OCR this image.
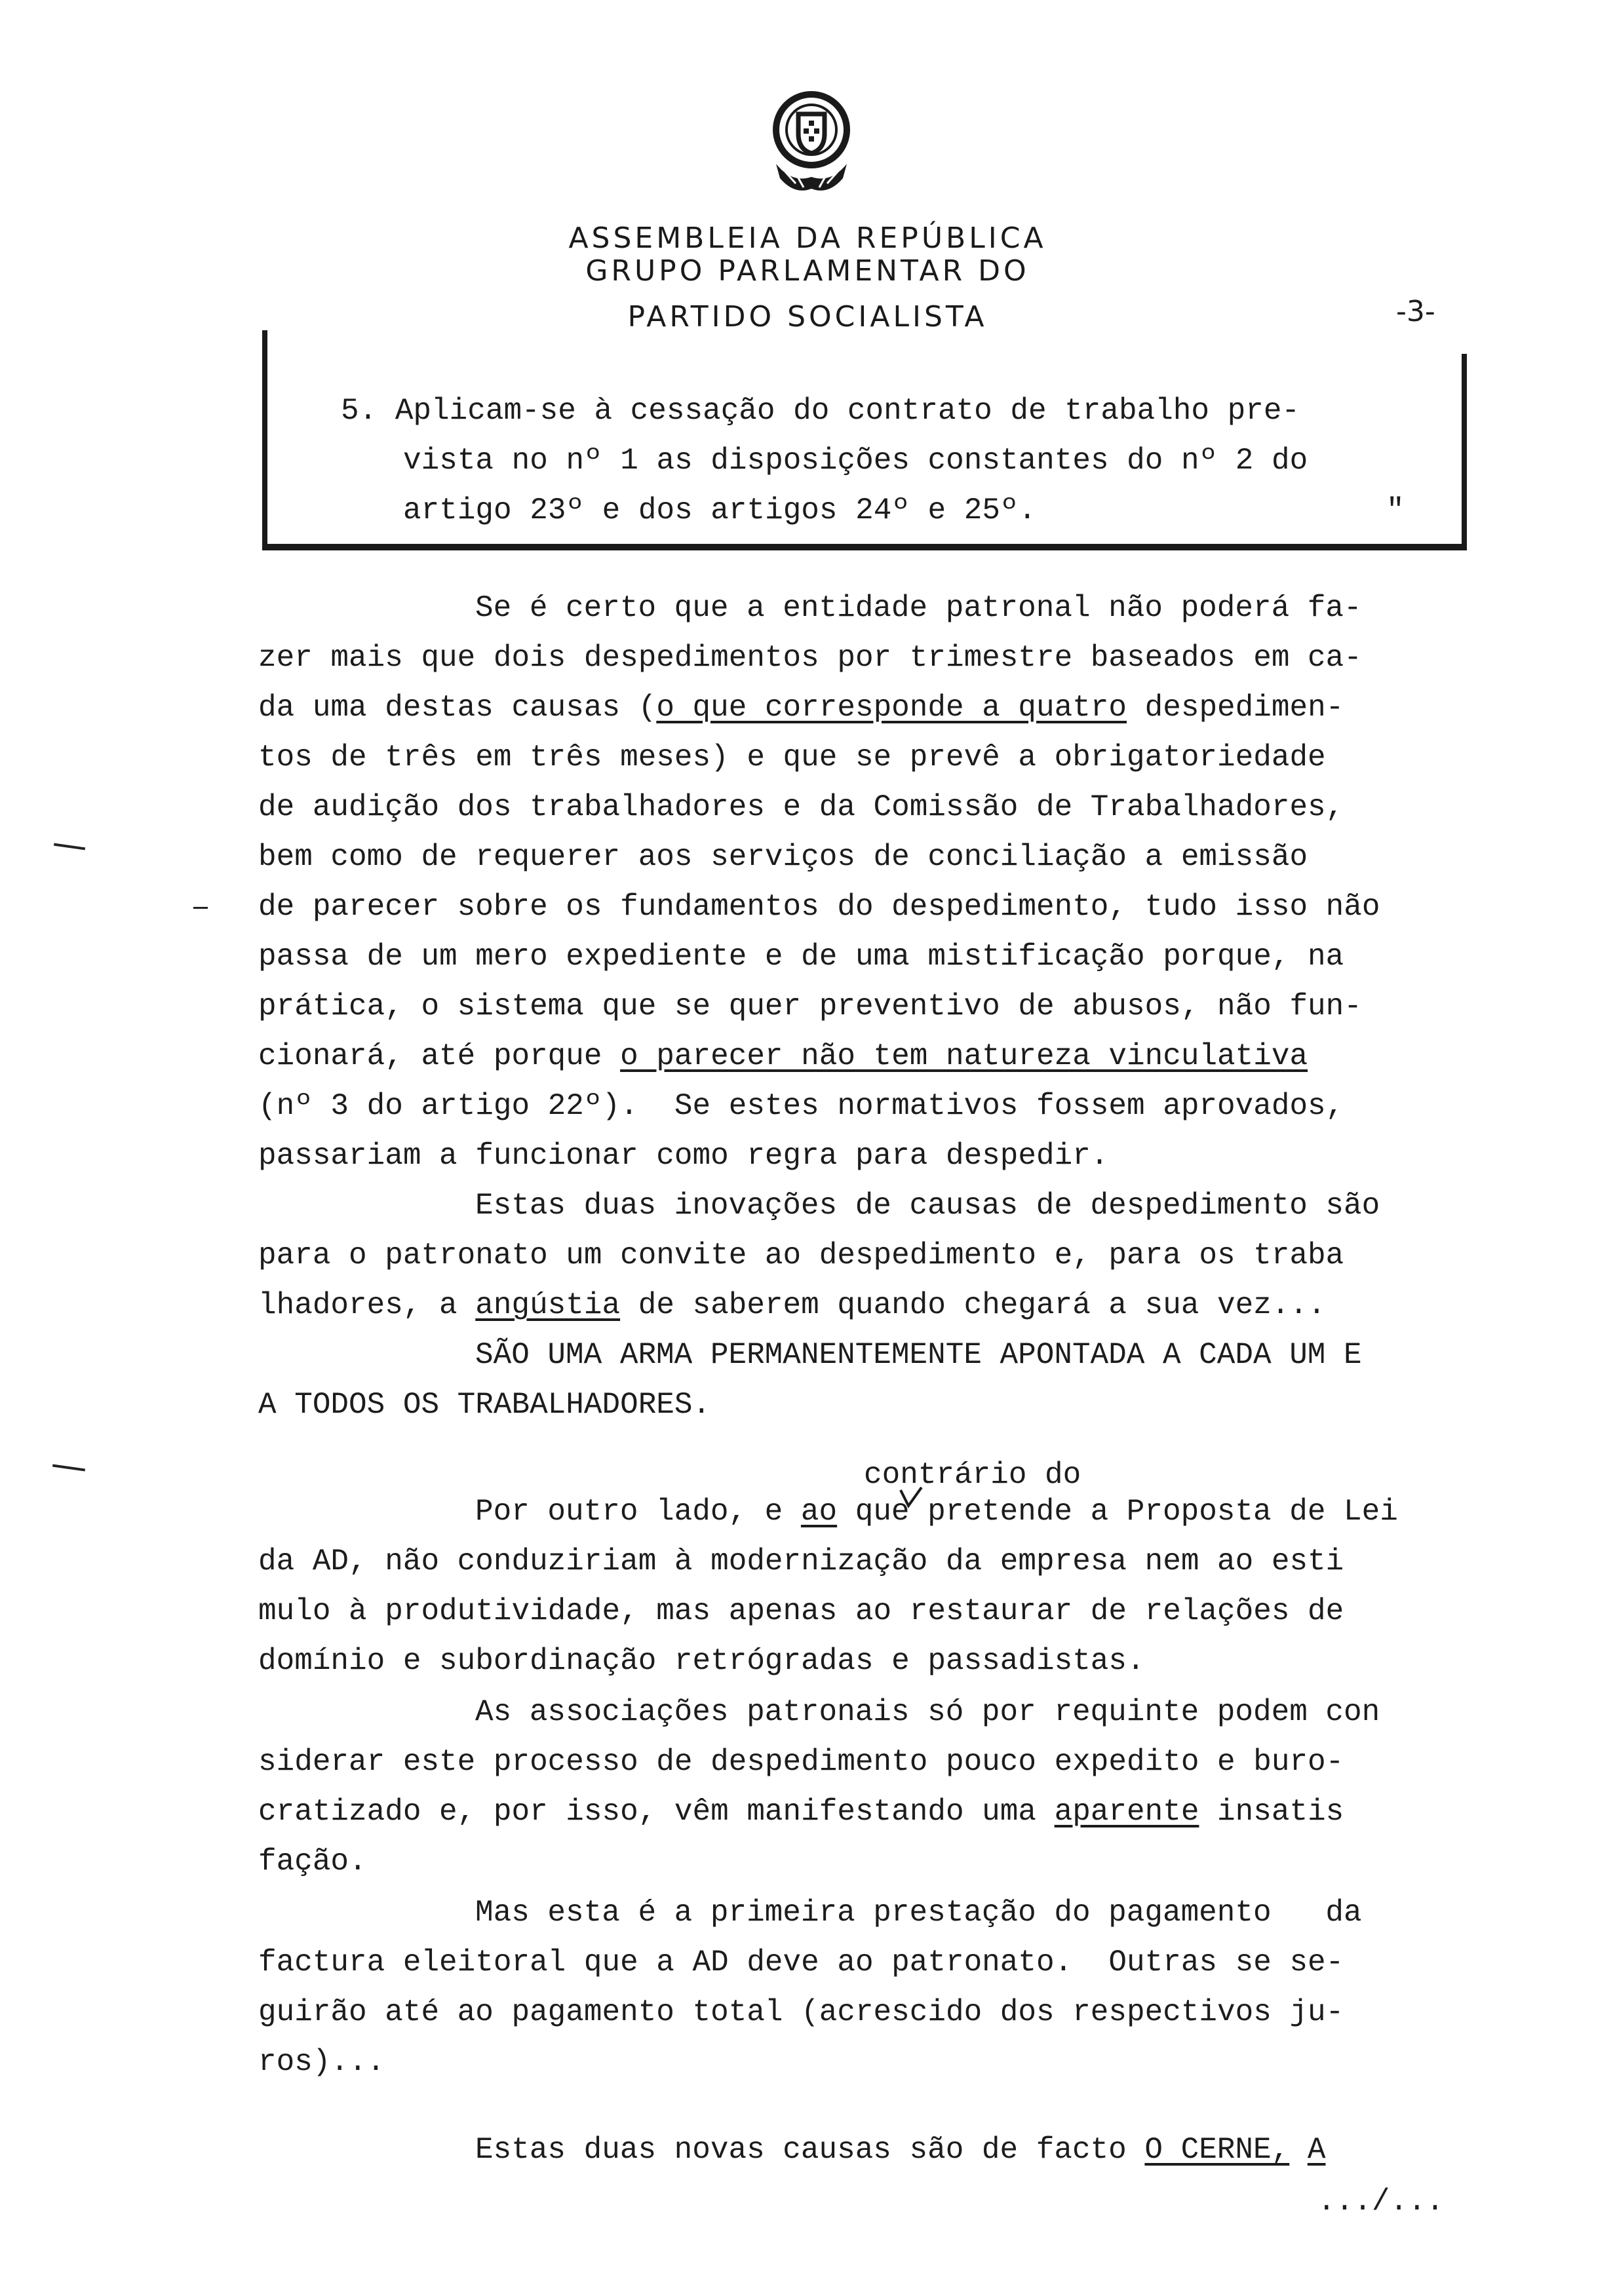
ASSEMBLEIA DA REPÚBLICA

GRUPO PARLAMENTAR DO

PARTIDO SOCIALISTA	-3-

5. Aplicam-se à cessação do contrato de trabalho pre-

vista no nº 1 as disposições constantes do nº 2 do

artigo 23º e dos artigos 24º e 25º.	"

Se é certo que a entidade patronal não poderá fa-

zer mais que dois despedimentos por trimestre baseados em ca-

da uma destas causas (o que corresponde a quatro despedimen-

tos de três em três meses) e que se prevê a obrigatoriedade

de audição dos trabalhadores e da Comissão de Trabalhadores,

bem como de requerer aos serviços de conciliação a emissão

de parecer sobre os fundamentos do despedimento, tudo isso não

passa de um mero expediente e de uma mistificação porque, na

prática, o sistema que se quer preventivo de abusos, não fun-

cionará, até porque o parecer não tem natureza vinculativa

(nº 3 do artigo 22º).  Se estes normativos fossem aprovados,

passariam a funcionar como regra para despedir.

Estas duas inovações de causas de despedimento são

para o patronato um convite ao despedimento e, para os traba

lhadores, a angústia de saberem quando chegará a sua vez...

SÃO UMA ARMA PERMANENTEMENTE APONTADA A CADA UM E

A TODOS OS TRABALHADORES.

contrário do

Por outro lado, e ao que pretende a Proposta de Lei

da AD, não conduziriam à modernização da empresa nem ao esti

mulo à produtividade, mas apenas ao restaurar de relações de

domínio e subordinação retrógradas e passadistas.

As associações patronais só por requinte podem con

siderar este processo de despedimento pouco expedito e buro-

cratizado e, por isso, vêm manifestando uma aparente insatis

fação.

Mas esta é a primeira prestação do pagamento   da

factura eleitoral que a AD deve ao patronato.  Outras se se-

guirão até ao pagamento total (acrescido dos respectivos ju-

ros)...

Estas duas novas causas são de facto O CERNE, A

.../...
